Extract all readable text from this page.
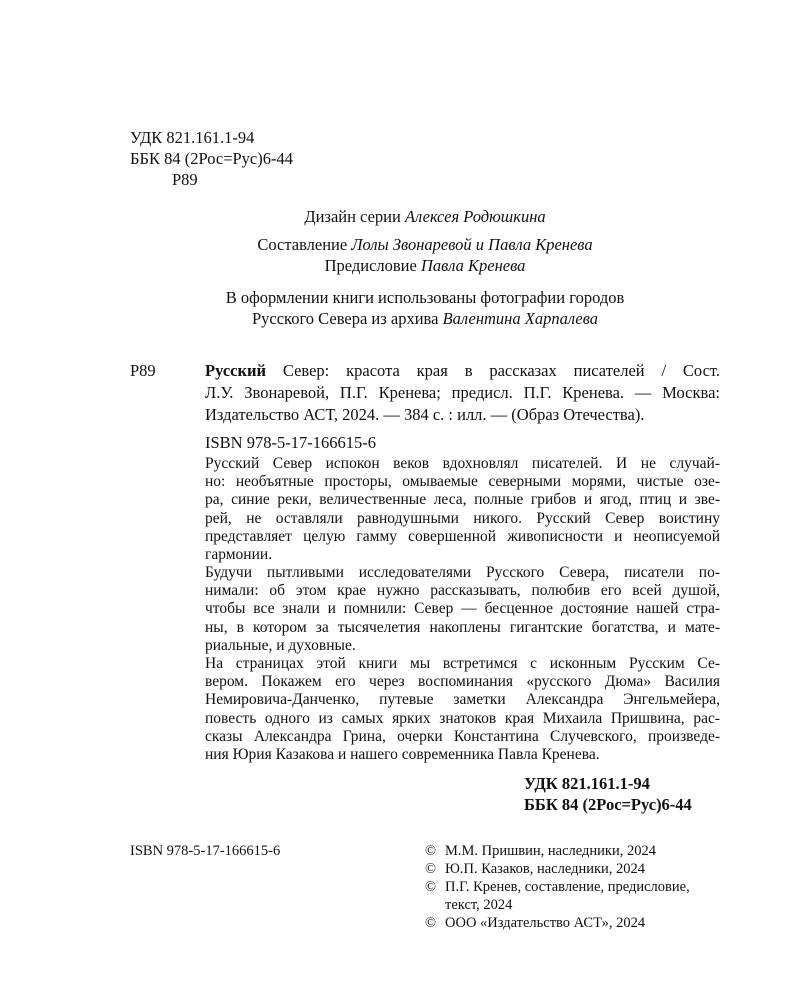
УДК 821.161.1-94
ББК 84 (2Рос=Рус)6-44
Р89
Дизайн серии Алексея Родюшкина
Составление Лолы Звонаревой и Павла Кренева
Предисловие Павла Кренева
В оформлении книги использованы фотографии городов
Русского Севера из архива Валентина Харпалева
Р89	Русский Север: красота края в рассказах писателей / Сост.
Л.У. Звонаревой, П.Г. Кренева; предисл. П.Г. Кренева. — Москва:
Издательство АСТ, 2024. — 384 с. : илл. — (Образ Отечества).
ISBN 978-5-17-166615-6
Русский Север испокон веков вдохновлял писателей. И не случай-
но: необъятные просторы, омываемые северными морями, чистые озе-
ра, синие реки, величественные леса, полные грибов и ягод, птиц и зве-
рей, не оставляли равнодушными никого. Русский Север воистину
представляет целую гамму совершенной живописности и неописуемой
гармонии.
Будучи пытливыми исследователями Русского Севера, писатели по-
нимали: об этом крае нужно рассказывать, полюбив его всей душой,
чтобы все знали и помнили: Север — бесценное достояние нашей стра-
ны, в котором за тысячелетия накоплены гигантские богатства, и мате-
риальные, и духовные.
На страницах этой книги мы встретимся с исконным Русским Се-
вером. Покажем его через воспоминания «русского Дюма» Василия
Немировича-Данченко, путевые заметки Александра Энгельмейера,
повесть одного из самых ярких знатоков края Михаила Пришвина, рас-
сказы Александра Грина, очерки Константина Случевского, произведе-
ния Юрия Казакова и нашего современника Павла Кренева.
УДК 821.161.1-94
ББК 84 (2Рос=Рус)6-44
ISBN 978-5-17-166615-6	© М.М. Пришвин, наследники, 2024
© Ю.П. Казаков, наследники, 2024
© П.Г. Кренев, составление, предисловие,
текст, 2024
© ООО «Издательство АСТ», 2024
